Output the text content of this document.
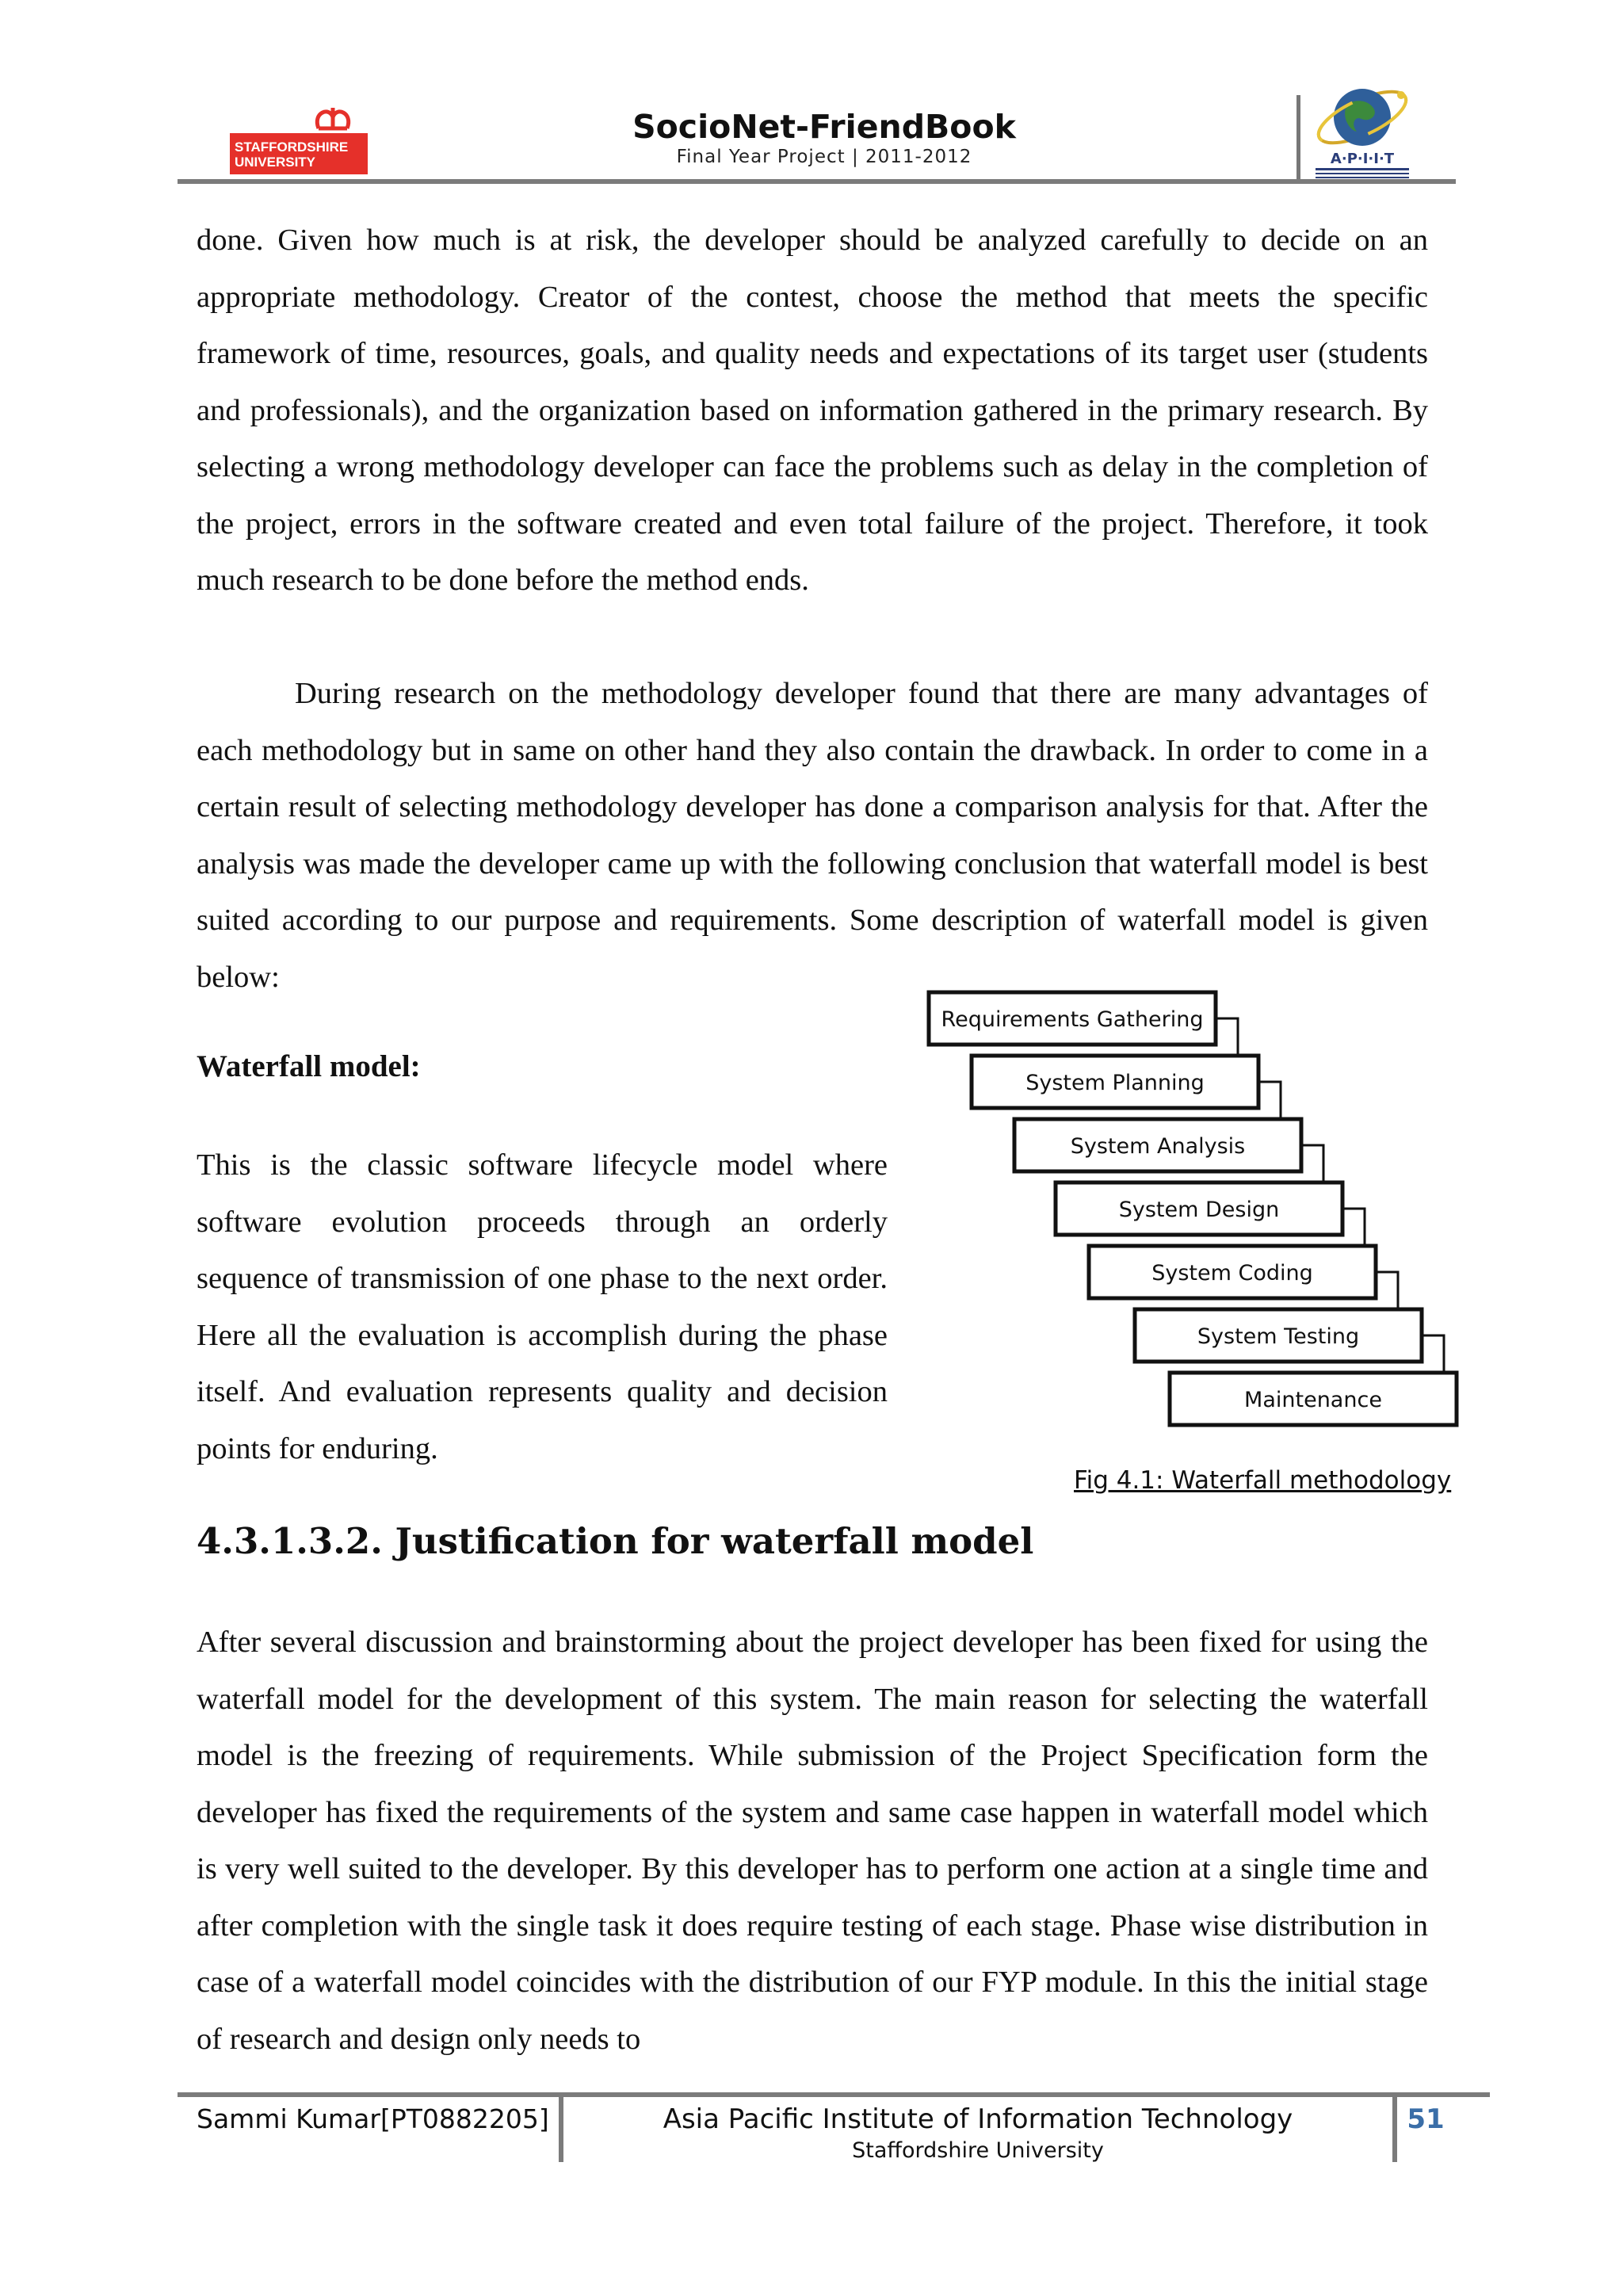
STAFFORDSHIRE UNIVERSITY
SocioNet-FriendBook
Final Year Project | 2011-2012	A·P·I·I·T
done. Given how much is at risk, the developer should be analyzed carefully to decide on an appropriate methodology. Creator of the contest, choose the method that meets the specific framework of time, resources, goals, and quality needs and expectations of its target user (students and professionals), and the organization based on information gathered in the primary research. By selecting a wrong methodology developer can face the problems such as delay in the completion of the project, errors in the software created and even total failure of the project. Therefore, it took much research to be done before the method ends.
During research on the methodology developer found that there are many advantages of each methodology but in same on other hand they also contain the drawback. In order to come in a certain result of selecting methodology developer has done a comparison analysis for that. After the analysis was made the developer came up with the following conclusion that waterfall model is best suited according to our purpose and requirements. Some description of waterfall model is given below:
Waterfall model:
This is the classic software lifecycle model where software evolution proceeds through an orderly sequence of transmission of one phase to the next order. Here all the evaluation is accomplish during the phase itself. And evaluation represents quality and decision points for enduring.
Requirements Gathering
System Planning
System Analysis
System Design
System Coding
System Testing
Maintenance
Fig 4.1: Waterfall methodology
4.3.1.3.2. Justification for waterfall model
After several discussion and brainstorming about the project developer has been fixed for using the waterfall model for the development of this system. The main reason for selecting the waterfall model is the freezing of requirements. While submission of the Project Specification form the developer has fixed the requirements of the system and same case happen in waterfall model which is very well suited to the developer. By this developer has to perform one action at a single time and after completion with the single task it does require testing of each stage. Phase wise distribution in case of a waterfall model coincides with the distribution of our FYP module. In this the initial stage of research and design only needs to
Sammi Kumar[PT0882205]	Asia Pacific Institute of Information Technology
Staffordshire University
51
